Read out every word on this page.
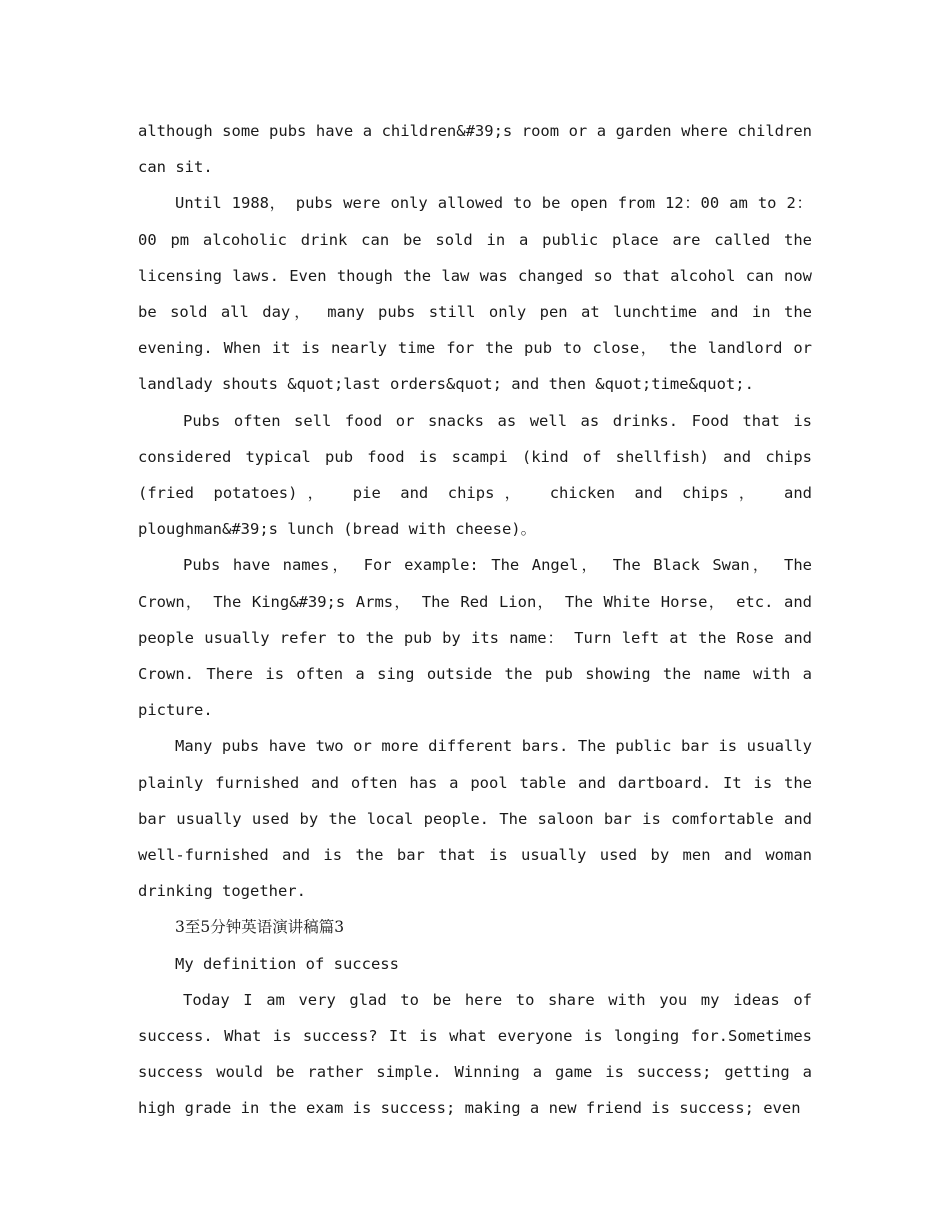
although some pubs have a children&#39;s room or a garden where children can sit.

Until 1988， pubs were only allowed to be open from 12：00 am to 2：00 pm alcoholic drink can be sold in a public place are called the licensing laws. Even though the law was changed so that alcohol can now be sold all day， many pubs still only pen at lunchtime and in the evening. When it is nearly time for the pub to close， the landlord or landlady shouts &quot;last orders&quot; and then &quot;time&quot;.

Pubs often sell food or snacks as well as drinks. Food that is considered typical pub food is scampi (kind of shellfish) and chips (fried potatoes)， pie and chips， chicken and chips， and ploughman&#39;s lunch (bread with cheese)。

Pubs have names， For example: The Angel， The Black Swan， The Crown， The King&#39;s Arms， The Red Lion， The White Horse， etc. and people usually refer to the pub by its name： Turn left at the Rose and Crown. There is often a sing outside the pub showing the name with a picture.

Many pubs have two or more different bars. The public bar is usually plainly furnished and often has a pool table and dartboard. It is the bar usually used by the local people. The saloon bar is comfortable and well-furnished and is the bar that is usually used by men and woman drinking together.

3至5分钟英语演讲稿篇3

My definition of success

Today I am very glad to be here to share with you my ideas of success. What is success? It is what everyone is longing for.Sometimes success would be rather simple. Winning a game is success; getting a high grade in the exam is success; making a new friend is success; even
